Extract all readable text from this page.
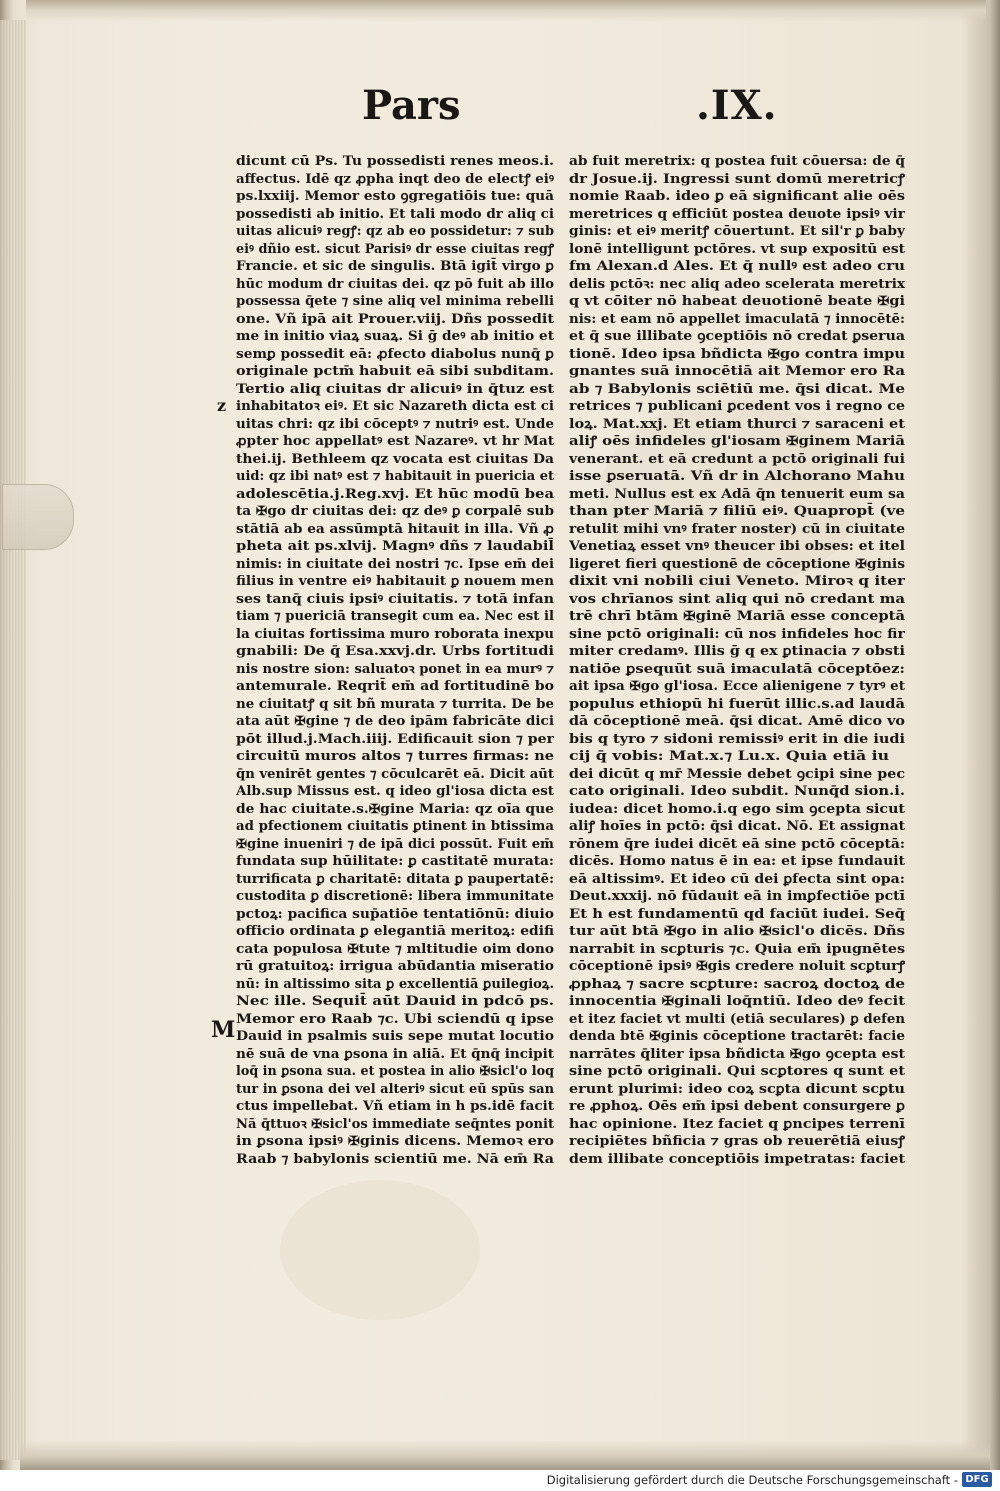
Pars	.IX.
z
M
dicunt cū Ps. Tu possedisti renes meos.i.
affectus. Idē qz ꝓpha inqt deo de electꝭ eiꝰ
ps.lxxiij. Memor esto ꝯgregatiōis tue: quā
possedisti ab initio. Et tali modo dr aliq ci
uitas alicuiꝰ regꝭ: qz ab eo possidetur: ⁊ sub
eiꝰ dñio est. sicut Parisiꝰ dr esse ciuitas regꝭ
Francie. et sic de singulis. Btā igit̄ virgo ꝑ
hūc modum dr ciuitas dei. qz pō fuit ab illo
possessa q̄ete ⁊ sine aliq vel minima rebelli
one. Vñ ipā ait Prouer.viij. Dñs possedit
me in initio viaꝝ suaꝝ. Si ḡ deꝰ ab initio et
semꝑ possedit eā: ꝓfecto diabolus nunq̄ ꝑ
originale pctm̄ habuit eā sibi subditam.
Tertio aliq ciuitas dr alicuiꝰ in q̄tuz est
inhabitatoꝛ eiꝰ. Et sic Nazareth dicta est ci
uitas chri: qz ibi cōceptꝰ ⁊ nutriꝰ est. Unde
ꝓpter hoc appellatꝰ est Nazareꝰ. vt hr Mat
thei.ij. Bethleem qz vocata est ciuitas Da
uid: qz ibi natꝰ est ⁊ habitauit in puericia et
adolescētia.j.Reg.xvj. Et hūc modū bea
ta ✠go dr ciuitas dei: qz deꝰ ꝑ corpalē sub
stātiā ab ea assūmptā hitauit in illa. Vñ ꝓ
pheta ait ps.xlvij. Magnꝰ dñs ⁊ laudabil̄
nimis: in ciuitate dei nostri ⁊c. Ipse em̄ dei
filius in ventre eiꝰ habitauit ꝑ nouem men
ses tanq̄ ciuis ipsiꝰ ciuitatis. ⁊ totā infan
tiam ⁊ puericiā transegit cum ea. Nec est il
la ciuitas fortissima muro roborata inexpu
gnabili: De q̄ Esa.xxvj.dr. Urbs fortitudi
nis nostre sion: saluatoꝛ ponet in ea murꝰ ⁊
antemurale. Reqrit̄ em̄ ad fortitudinē bo
ne ciuitatꝭ q sit bñ murata ⁊ turrita. De be
ata aūt ✠gine ⁊ de deo ipām fabricāte dici
pōt illud.j.Mach.iiij. Edificauit sion ⁊ per
circuitū muros altos ⁊ turres firmas: ne
q̄n venirēt gentes ⁊ cōculcarēt eā. Dicit aūt
Alb.sup Missus est. q ideo gl'iosa dicta est
de hac ciuitate.s.✠gine Maria: qz oīa que
ad pfectionem ciuitatis ꝑtinent in btissima
✠gine inueniri ⁊ de ipā dici possūt. Fuit em̄
fundata sup hūilitate: ꝑ castitatē murata:
turrificata ꝑ charitatē: ditata ꝑ paupertatē:
custodita ꝑ discretionē: libera immunitate
pctoꝝ: pacifica sup̄atiōe tentatiōnū: diuio
officio ordinata ꝑ elegantiā meritoꝝ: edifi
cata populosa ✠tute ⁊ mltitudie oim dono
rū gratuitoꝝ: irrigua abūdantia miseratio
nū: in altissimo sita ꝑ excellentiā ꝑuilegioꝝ.
Nec ille. Sequit̄ aūt Dauid in pdcō ps.
Memor ero Raab ⁊c. Ubi sciendū q ipse
Dauid in psalmis suis sepe mutat locutio
nē suā de vna ꝑsona in aliā. Et q̄nq̄ incipit
loq̄ in ꝑsona sua. et postea in alio ✠sicl'o loq
tur in ꝑsona dei vel alteriꝰ sicut eū spūs san
ctus impellebat. Vñ etiam in h ps.idē facit
Nā q̄ttuoꝛ ✠sicl'os immediate seq̄ntes ponit
in ꝑsona ipsiꝰ ✠ginis dicens. Memoꝛ ero
Raab ⁊ babylonis scientiū me. Nā em̄ Ra
ab fuit meretrix: q postea fuit cōuersa: de q̄
dr Josue.ij. Ingressi sunt domū meretricꝭ
nomie Raab. ideo ꝑ eā significant alie oēs
meretrices q efficiūt postea deuote ipsiꝰ vir
ginis: et eiꝰ meritꝭ cōuertunt. Et sil'r ꝑ baby
lonē intelligunt pctōres. vt sup expositū est
fm Alexan.d Ales. Et q̄ nullꝰ est adeo cru
delis pctōꝛ: nec aliq adeo scelerata meretrix
q vt cōiter nō habeat deuotionē beate ✠gi
nis: et eam nō appellet imaculatā ⁊ innocētē:
et q̄ sue illibate ꝯceptiōis nō credat ꝑserua
tionē. Ideo ipsa bñdicta ✠go contra impu
gnantes suā innocētiā ait Memor ero Ra
ab ⁊ Babylonis sciētiū me. q̄si dicat. Me
retrices ⁊ publicani ꝑcedent vos i regno ce
loꝝ. Mat.xxj. Et etiam thurci ⁊ saraceni et
aliꝭ oēs infideles gl'iosam ✠ginem Mariā
venerant. et eā credunt a pctō originali fui
isse ꝑseruatā. Vñ dr in Alchorano Mahu
meti. Nullus est ex Adā q̄n tenuerit eum sa
than pter Mariā ⁊ filiū eiꝰ. Quapropt̄ (ve
retulit mihi vnꝰ frater noster) cū in ciuitate
Venetiaꝝ esset vnꝰ theucer ibi obses: et itel
ligeret fieri questionē de cōceptione ✠ginis
dixit vni nobili ciui Veneto. Miroꝛ q iter
vos chrīanos sint aliq qui nō credant ma
trē chrī btām ✠ginē Mariā esse conceptā
sine pctō originali: cū nos infideles hoc fir
miter credamꝰ. Illis ḡ q ex ꝑtinacia ⁊ obsti
natiōe ꝑsequūt suā imaculatā cōceptōez:
ait ipsa ✠go gl'iosa. Ecce alienigene ⁊ tyrꝰ et
populus ethiopū hi fuerūt illic.s.ad laudā
dā cōceptionē meā. q̄si dicat. Amē dico vo
bis q tyro ⁊ sidoni remissiꝰ erit in die iudi
cij q̄ vobis: Mat.x.⁊ Lu.x. Quia etiā iu
dei dicūt q mr̄ Messie debet ꝯcipi sine pec
cato originali. Ideo subdit. Nunq̄d sion.i.
iudea: dicet homo.i.q ego sim ꝯcepta sicut
aliꝭ hoīes in pctō: q̄si dicat. Nō. Et assignat
rōnem q̄re iudei dicēt eā sine pctō cōceptā:
dicēs. Homo natus ē in ea: et ipse fundauit
eā altissimꝰ. Et ideo cū dei ꝑfecta sint opa:
Deut.xxxij. nō fūdauit eā in imꝑfectiōe pctī
Et h est fundamentū qd faciūt iudei. Seq̄
tur aūt btā ✠go in alio ✠sicl'o dicēs. Dñs
narrabit in scꝑturis ⁊c. Quia em̄ ipugnētes
cōceptionē ipsiꝰ ✠gis credere noluit scꝑturꝭ
ꝓphaꝝ ⁊ sacre scꝑture: sacroꝝ doctoꝝ de
innocentia ✠ginali loq̄ntiū. Ideo deꝰ fecit
et itez faciet vt multi (etiā seculares) ꝑ defen
denda btē ✠ginis cōceptione tractarēt: facie
narrātes q̄liter ipsa bñdicta ✠go ꝯcepta est
sine pctō originali. Qui scꝑtores q sunt et
erunt plurimi: ideo coꝝ scꝑta dicunt scꝑtu
re ꝓphoꝝ. Oēs em̄ ipsi debent consurgere ꝑ
hac opinione. Itez faciet q ꝑncipes terrenī
recipiētes bñficia ⁊ gras ob reuerētiā eiusꝭ
dem illibate conceptiōis impetratas: faciet
Digitalisierung gefördert durch die Deutsche Forschungsgemeinschaft - DFG
